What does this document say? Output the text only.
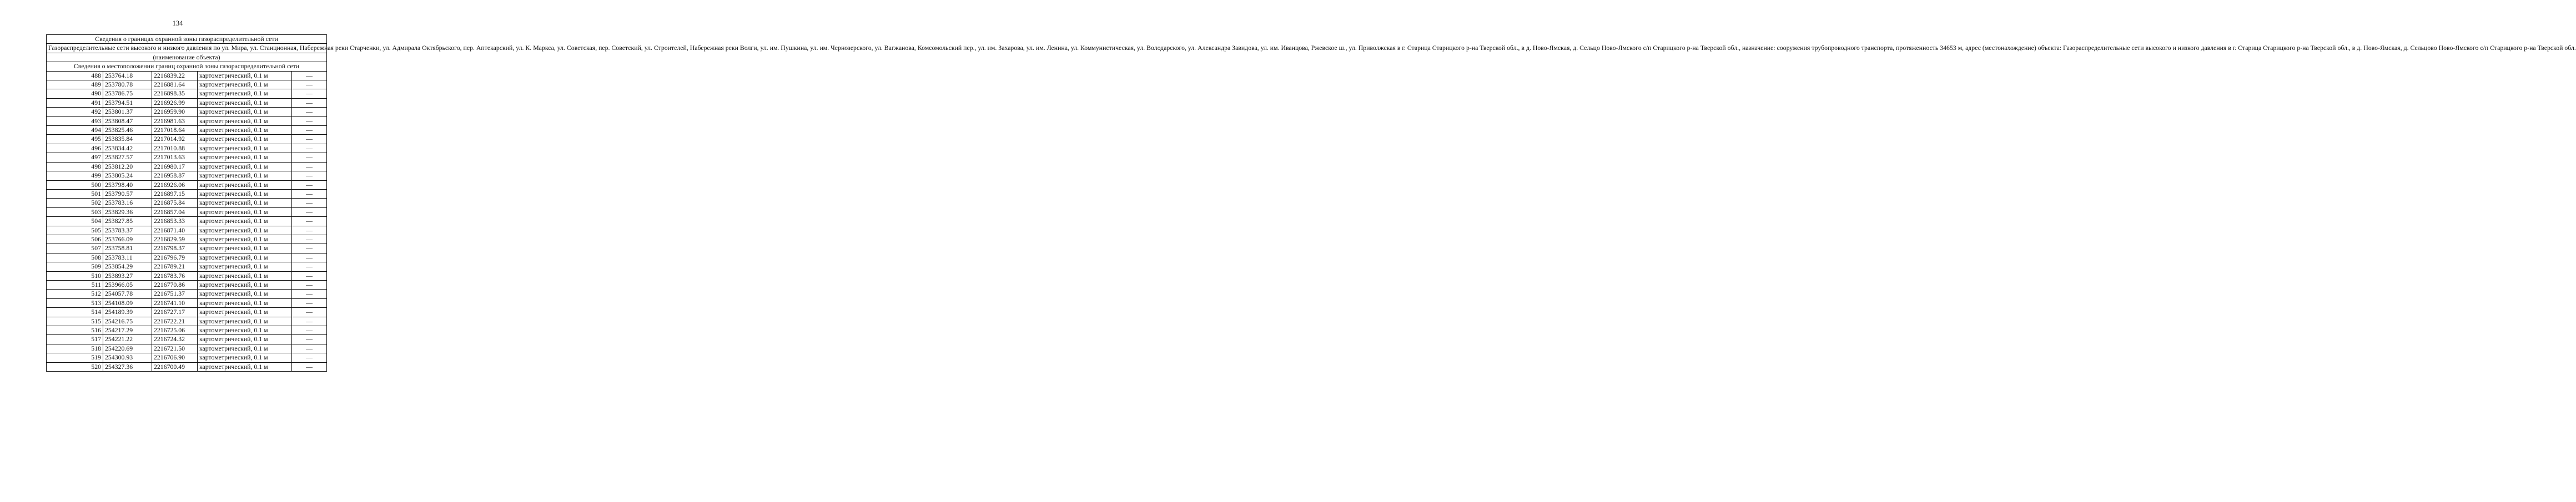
134
Сведения о границах охранной зоны газораспределительной сети				
Газораспределительные сети высокого и низкого давления по ул. Мира, ул. Станционная, Набережная реки Старченки, ул. Адмирала Октябрьского, пер. Аптекарский, ул. К. Маркса, ул. Советская, пер. Советский, ул. Строителей, Набережная реки Волги, ул. им. Пушкина, ул. им. Чернозерского, ул. Вагжанова, Комсомольский пер., ул. им. Захарова, ул. им. Ленина, ул. Коммунистическая, ул. Володарского, ул. Александра Завидова, ул. им. Иванцова, Ржевское ш., ул. Приволжская в г. Старица Старицкого р-на Тверской обл., в д. Ново-Ямская, д. Сельцо Ново-Ямского с/п Старицкого р-на Тверской обл., назначение: сооружения трубопроводного транспорта, протяженность 34653 м, адрес (местонахождение) объекта: Газораспределительные сети высокого и низкого давления в г. Старица Старицкого р-на Тверской обл., в д. Ново-Ямская, д. Сельцово Ново-Ямского с/п Старицкого р-на Тверской обл.				
(наименование объекта)				
Сведения о местоположении границ охранной зоны газораспределительной сети				
488	253764.18	2216839.22	картометрический, 0.1 м	—
489	253780.78	2216881.64	картометрический, 0.1 м	—
490	253786.75	2216898.35	картометрический, 0.1 м	—
491	253794.51	2216926.99	картометрический, 0.1 м	—
492	253801.37	2216959.90	картометрический, 0.1 м	—
493	253808.47	2216981.63	картометрический, 0.1 м	—
494	253825.46	2217018.64	картометрический, 0.1 м	—
495	253835.84	2217014.92	картометрический, 0.1 м	—
496	253834.42	2217010.88	картометрический, 0.1 м	—
497	253827.57	2217013.63	картометрический, 0.1 м	—
498	253812.20	2216980.17	картометрический, 0.1 м	—
499	253805.24	2216958.87	картометрический, 0.1 м	—
500	253798.40	2216926.06	картометрический, 0.1 м	—
501	253790.57	2216897.15	картометрический, 0.1 м	—
502	253783.16	2216875.84	картометрический, 0.1 м	—
503	253829.36	2216857.04	картометрический, 0.1 м	—
504	253827.85	2216853.33	картометрический, 0.1 м	—
505	253783.37	2216871.40	картометрический, 0.1 м	—
506	253766.09	2216829.59	картометрический, 0.1 м	—
507	253758.81	2216798.37	картометрический, 0.1 м	—
508	253783.11	2216796.79	картометрический, 0.1 м	—
509	253854.29	2216789.21	картометрический, 0.1 м	—
510	253893.27	2216783.76	картометрический, 0.1 м	—
511	253966.05	2216770.86	картометрический, 0.1 м	—
512	254057.78	2216751.37	картометрический, 0.1 м	—
513	254108.09	2216741.10	картометрический, 0.1 м	—
514	254189.39	2216727.17	картометрический, 0.1 м	—
515	254216.75	2216722.21	картометрический, 0.1 м	—
516	254217.29	2216725.06	картометрический, 0.1 м	—
517	254221.22	2216724.32	картометрический, 0.1 м	—
518	254220.69	2216721.50	картометрический, 0.1 м	—
519	254300.93	2216706.90	картометрический, 0.1 м	—
520	254327.36	2216700.49	картометрический, 0.1 м	—
